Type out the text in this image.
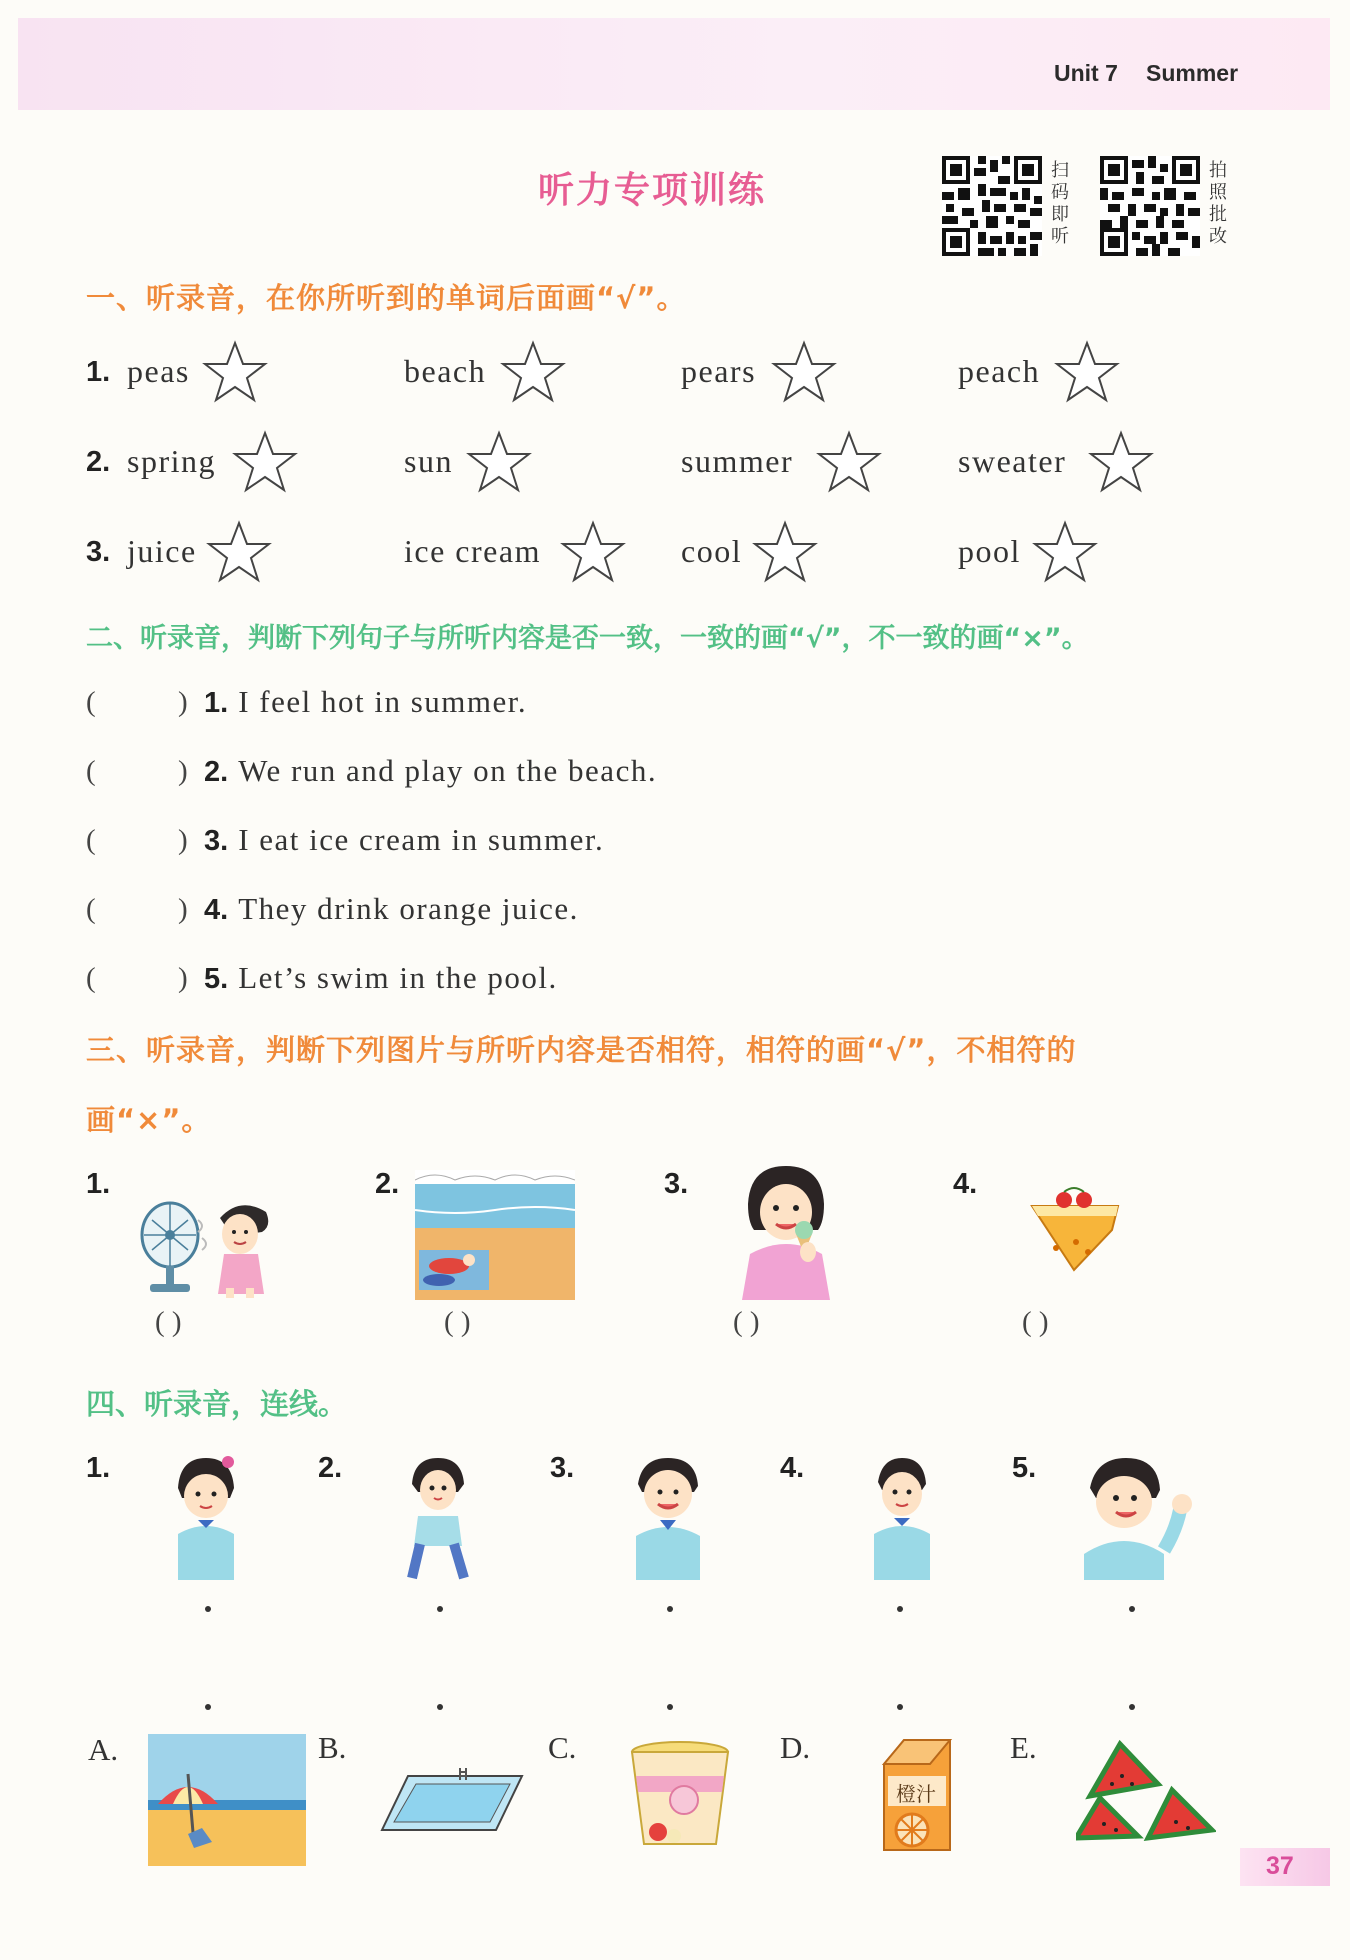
Unit 7 Summer
听力专项训练	扫码即听
拍照批改
一、听录音，在你所听到的单词后面画“√”。
1. peas	beach	pears	peach
2. spring	sun	summer	sweater
3. juice	ice cream	cool	pool
二、听录音，判断下列句子与所听内容是否一致，一致的画“√”，不一致的画“×”。
(	) 1. I feel hot in summer.
(	) 2. We run and play on the beach.
(	) 3. I eat ice cream in summer.
(	) 4. They drink orange juice.
(	) 5. Let’s swim in the pool.
三、听录音，判断下列图片与所听内容是否相符，相符的画“√”，不相符的
画“×”。
1.	2.	3.	4.
( )	( )	( )	( )
四、听录音，连线。
1.	2.	3.	4.	5.
A.	B.	C.	D.	E.
橙汁
37
